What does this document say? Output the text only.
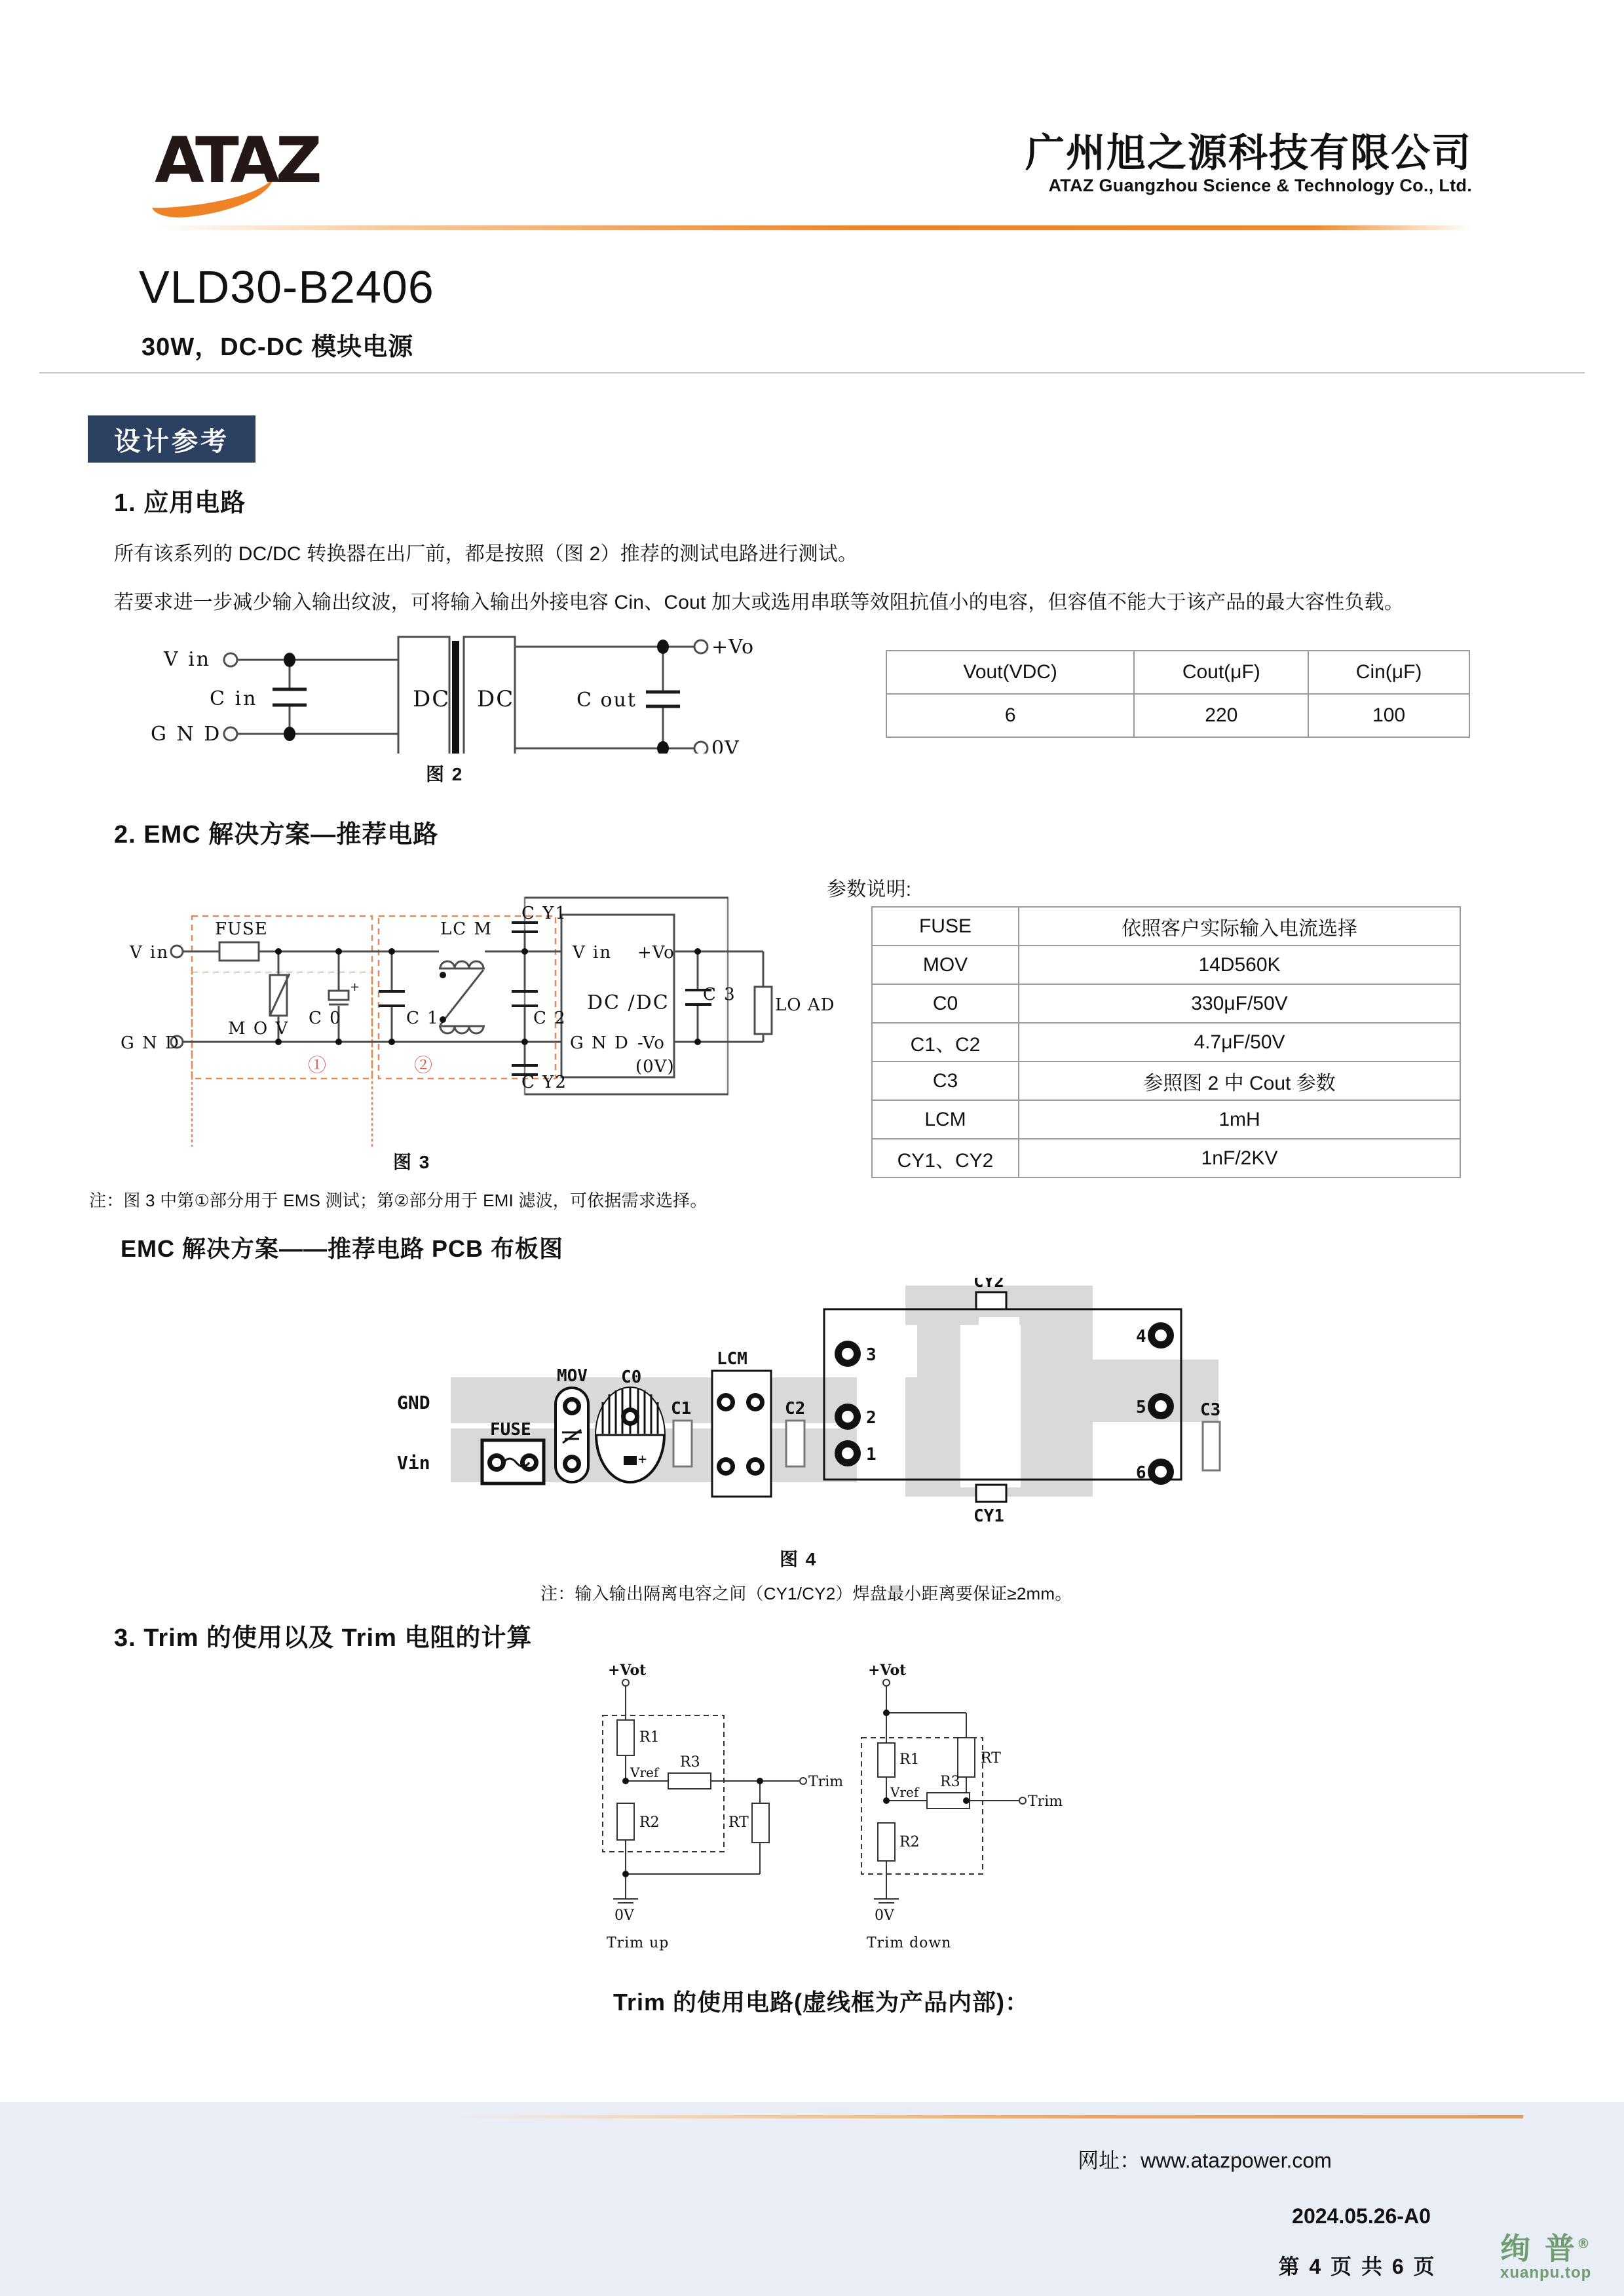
ATAZ	广州旭之源科技有限公司
ATAZ Guangzhou Science & Technology Co., Ltd.
VLD30-B2406
30W，DC-DC 模块电源
设计参考
1. 应用电路
所有该系列的 DC/DC 转换器在出厂前，都是按照（图 2）推荐的测试电路进行测试。
若要求进一步减少输入输出纹波，可将输入输出外接电容 Cin、Cout 加大或选用串联等效阻抗值小的电容，但容值不能大于该产品的最大容性负载。
V in
G N D
C in	DC DC	C out
+Vo
0V
图 2
Vout(VDC)	Cout(μF)	Cin(μF)
6	220	100
2. EMC 解决方案—推荐电路
+
V in
G N D
FUSE
M O V
C 0	C 1
LC M
C 2
C Y1
C Y2
V in
G N D
DC /DC
+Vo
-Vo
(0V)
C 3
LO AD
①	②
图 3
参数说明:
FUSE	依照客户实际输入电流选择
MOV	14D560K
C0	330μF/50V
C1、C2	4.7μF/50V
C3	参照图 2 中 Cout 参数
LCM	1mH
CY1、CY2	1nF/2KV
注：图 3 中第①部分用于 EMS 测试；第②部分用于 EMI 滤波，可依据需求选择。
EMC 解决方案——推荐电路 PCB 布板图
FUSE
MOV
+
C0
C1
LCM
C2
3
2
1
4
5
6
CY2
CY1
C3
GND
Vin
图 4
注：输入输出隔离电容之间（CY1/CY2）焊盘最小距离要保证≥2mm。
3. Trim 的使用以及 Trim 电阻的计算
+Vot
0V
R1
R2
R3
RT
Vref
Trim
Trim up
+Vot
0V
R1
R2
R3
RT
Vref
Trim
Trim down
Trim 的使用电路(虚线框为产品内部)：
网址：www.atazpower.com
2024.05.26-A0
第 4 页 共 6 页
绚 普®
xuanpu.top
